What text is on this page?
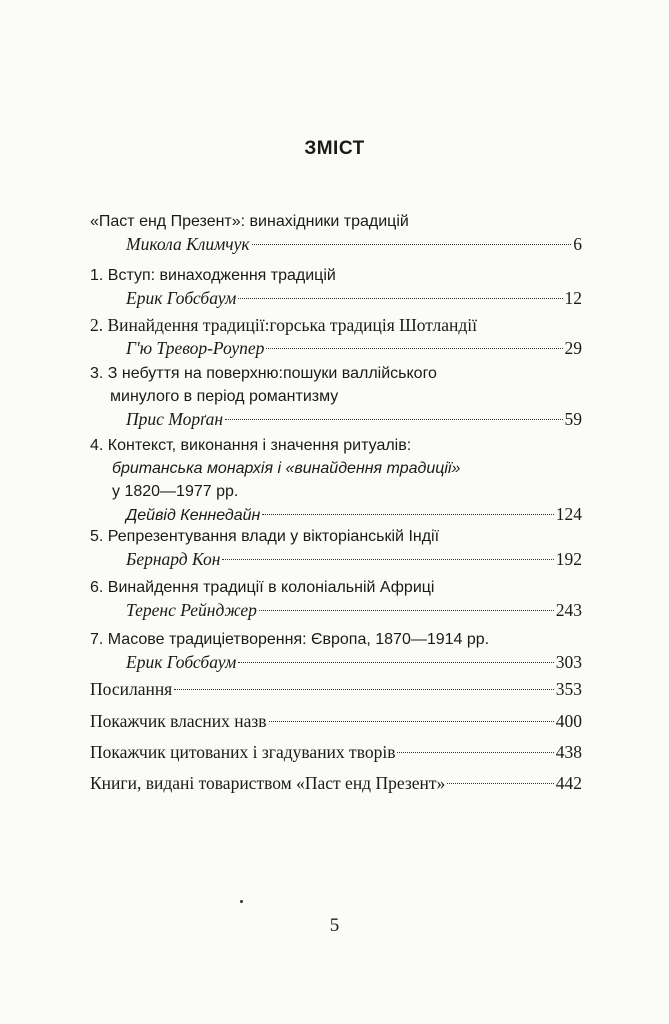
ЗМІСТ
«Паст енд Презент»: винахідники традицій
Микола Климчук	6
1. Вступ: винаходження традицій
Ерик Гобсбаум	12
2. Винайдення традиції:горська традиція Шотландії
Г'ю Тревор-Роупер	29
3. З небуття на поверхню:пошуки валлійського
минулого в період романтизму
Прис Морґан	59
4. Контекст, виконання і значення ритуалів:
британська монархія і «винайдення традиції»
у 1820—1977 рр.
Дейвід Кеннедайн	124
5. Репрезентування влади у вікторіанській Індії
Бернард Кон	192
6. Винайдення традиції в колоніальній Африці
Теренс Рейнджер	243
7. Масове традиціетворення: Європа, 1870—1914 рр.
Ерик Гобсбаум	303
Посилання	353
Покажчик власних назв	400
Покажчик цитованих і згадуваних творів	438
Книги, видані товариством «Паст енд Презент»	442
5
